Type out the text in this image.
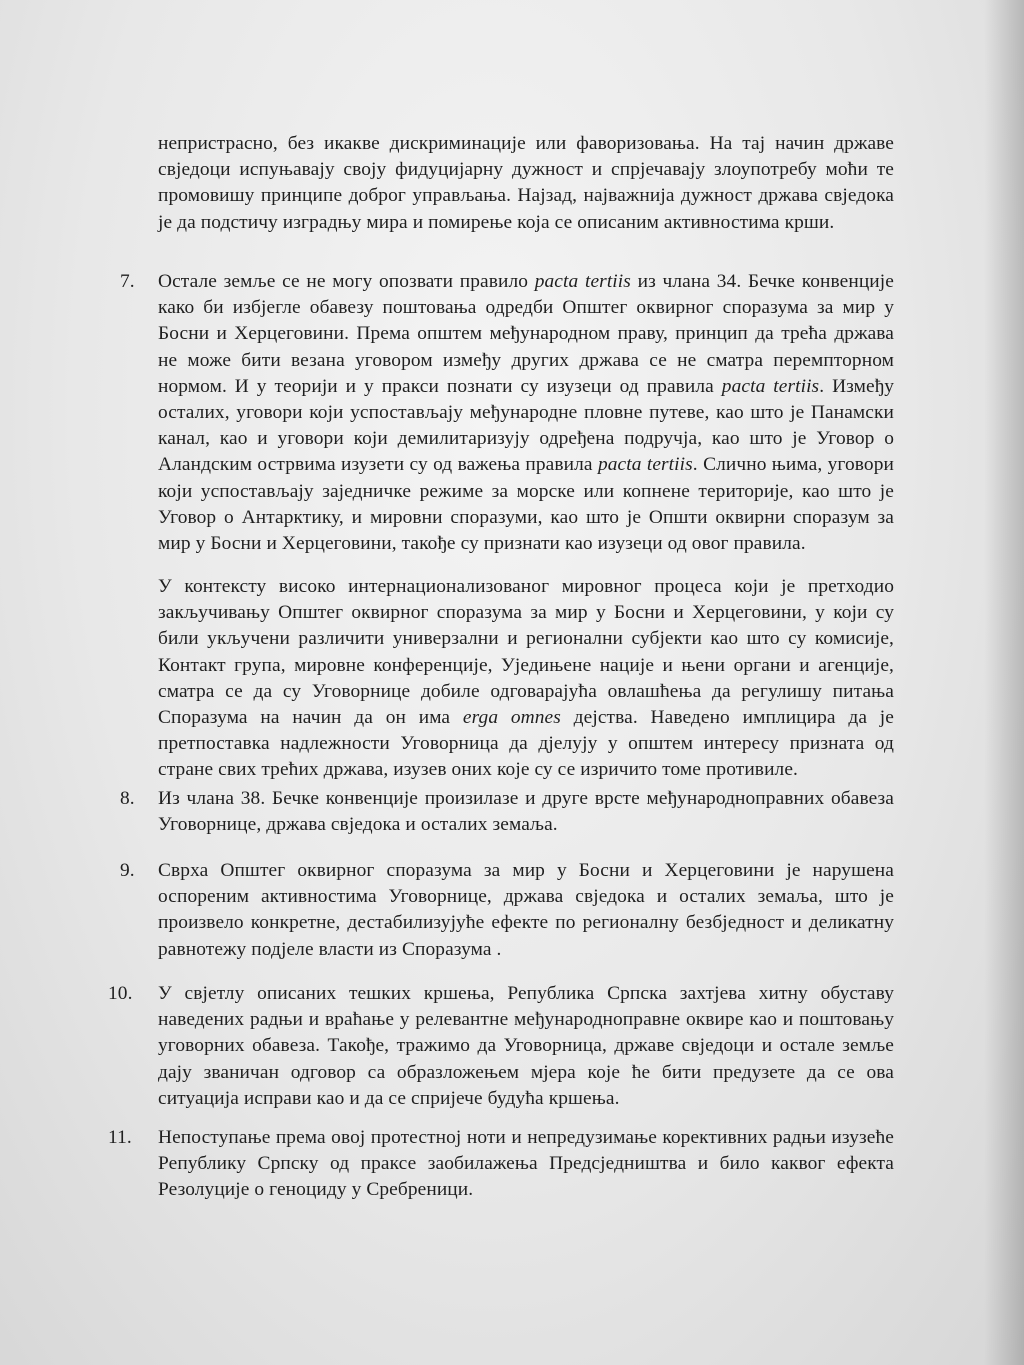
непристрасно, без икакве дискриминације или фаворизовања. На тај начин државе свједоци испуњавају своју фидуцијарну дужност и спрјечавају злоупотребу моћи те промовишу принципе доброг управљања. Најзад, најважнија дужност држава свједока је да подстичу изградњу мира и помирење која се описаним активностима крши.
7. Остале земље се не могу опозвати правило pacta tertiis из члана 34. Бечке конвенције како би избјегле обавезу поштовања одредби Општег оквирног споразума за мир у Босни и Херцеговини. Према општем међународном праву, принцип да трећа држава не може бити везана уговором између других држава се не сматра перемпторном нормом. И у теорији и у пракси познати су изузеци од правила pacta tertiis. Између осталих, уговори који успостављају међународне пловне путеве, као што је Панамски канал, као и уговори који демилитаризују одређена подручја, као што је Уговор о Аландским острвима изузети су од важења правила pacta tertiis. Слично њима, уговори који успостављају заједничке режиме за морске или копнене територије, као што је Уговор о Антарктику, и мировни споразуми, као што је Општи оквирни споразум за мир у Босни и Херцеговини, такође су признати као изузеци од овог правила.
У контексту високо интернационализованог мировног процеса који је претходио закључивању Општег оквирног споразума за мир у Босни и Херцеговини, у који су били укључени различити универзални и регионални субјекти као што су комисије, Контакт група, мировне конференције, Уједињене нације и њени органи и агенције, сматра се да су Уговорнице добиле одговарајућа овлашћења да регулишу питања Споразума на начин да он има erga omnes дејства. Наведено имплицира да је претпоставка надлежности Уговорница да дјелују у општем интересу призната од стране свих трећих држава, изузев оних које су се изричито томе противиле.
8. Из члана 38. Бечке конвенције произилазе и друге врсте међународноправних обавеза Уговорнице, држава свједока и осталих земаља.
9. Сврха Општег оквирног споразума за мир у Босни и Херцеговини је нарушена оспореним активностима Уговорнице, држава свједока и осталих земаља, што је произвело конкретне, дестабилизујуће ефекте по регионалну безбједност и деликатну равнотежу подјеле власти из Споразума .
10. У свјетлу описаних тешких кршења, Република Српска захтјева хитну обуставу наведених радњи и враћање у релевантне међународноправне оквире као и поштовању уговорних обавеза. Такође, тражимо да Уговорница, државе свједоци и остале земље дају званичан одговор са образложењем мјера које ће бити предузете да се ова ситуација исправи као и да се спријече будућа кршења.
11. Непоступање према овој протестној ноти и непредузимање корективних радњи изузеће Републику Српску од праксе заобилажења Предсједништва и било каквог ефекта Резолуције о геноциду у Сребреници.
